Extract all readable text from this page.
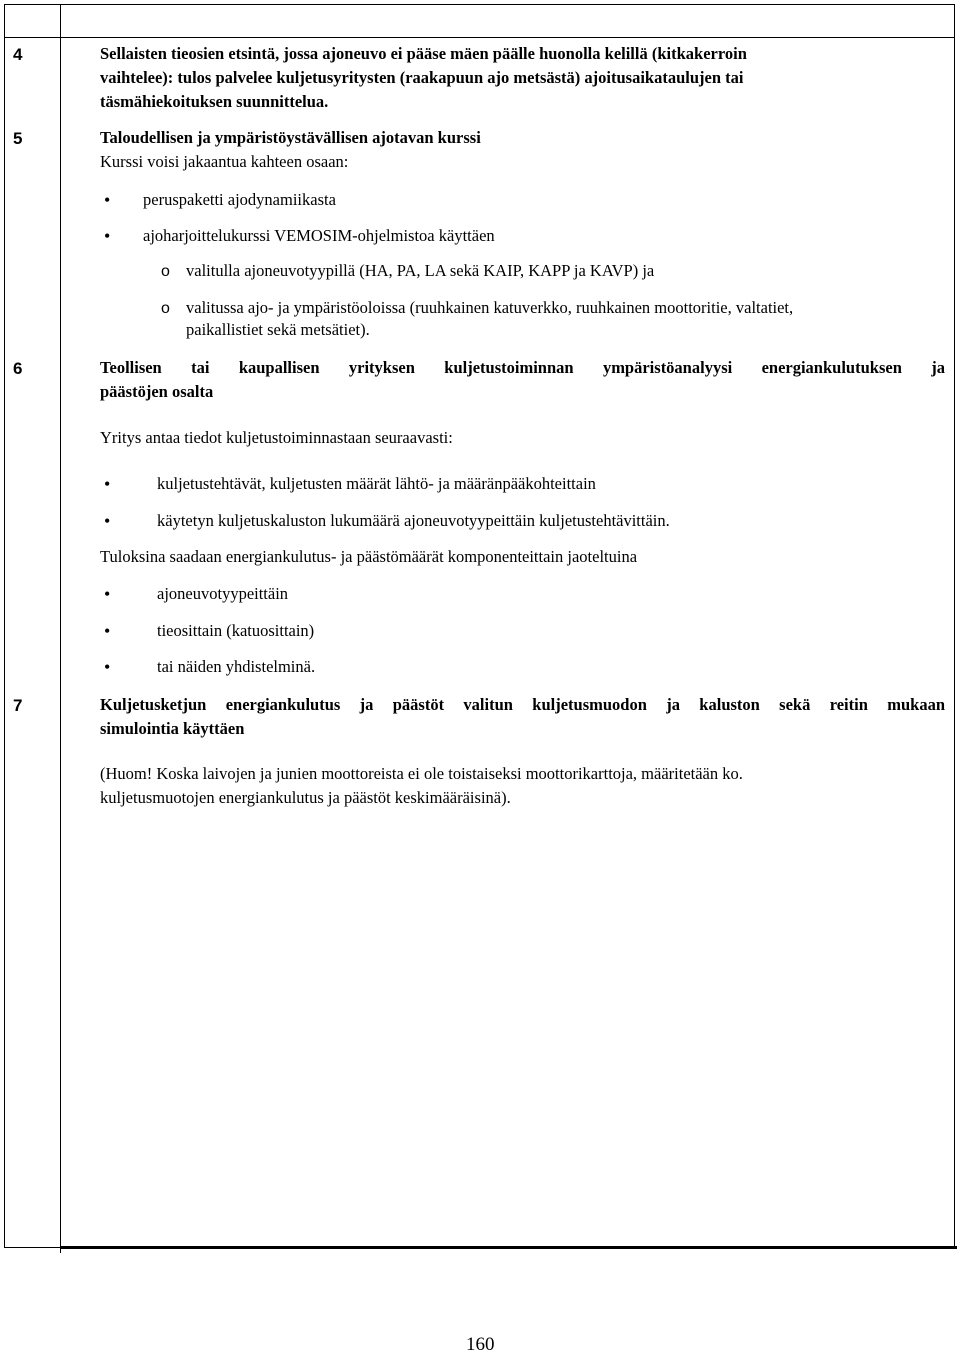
4	Sellaisten tieosien etsintä, jossa ajoneuvo ei pääse mäen päälle huonolla kelillä (kitkakerroin
vaihtelee): tulos palvelee kuljetusyritysten (raakapuun ajo metsästä) ajoitusaikataulujen tai
täsmähiekoituksen suunnittelua.
5	Taloudellisen ja ympäristöystävällisen ajotavan kurssi
Kurssi voisi jakaantua kahteen osaan:
• peruspaketti ajodynamiikasta
• ajoharjoittelukurssi VEMOSIM-ohjelmistoa käyttäen
o valitulla ajoneuvotyypillä (HA, PA, LA sekä KAIP, KAPP ja KAVP) ja
o valitussa ajo- ja ympäristöoloissa (ruuhkainen katuverkko, ruuhkainen moottoritie, valtatiet,
paikallistiet sekä metsätiet).
6	Teollisen tai kaupallisen yrityksen kuljetustoiminnan ympäristöanalyysi energiankulutuksen ja
päästöjen osalta
Yritys antaa tiedot kuljetustoiminnastaan seuraavasti:
•	kuljetustehtävät, kuljetusten määrät lähtö- ja määränpääkohteittain
•	käytetyn kuljetuskaluston lukumäärä ajoneuvotyypeittäin kuljetustehtävittäin.
Tuloksina saadaan energiankulutus- ja päästömäärät komponenteittain jaoteltuina
•	ajoneuvotyypeittäin
•	tieosittain (katuosittain)
•	tai näiden yhdistelminä.
7	Kuljetusketjun energiankulutus ja päästöt valitun kuljetusmuodon ja kaluston sekä reitin mukaan
simulointia käyttäen
(Huom! Koska laivojen ja junien moottoreista ei ole toistaiseksi moottorikarttoja, määritetään ko.
kuljetusmuotojen energiankulutus ja päästöt keskimääräisinä).
160
